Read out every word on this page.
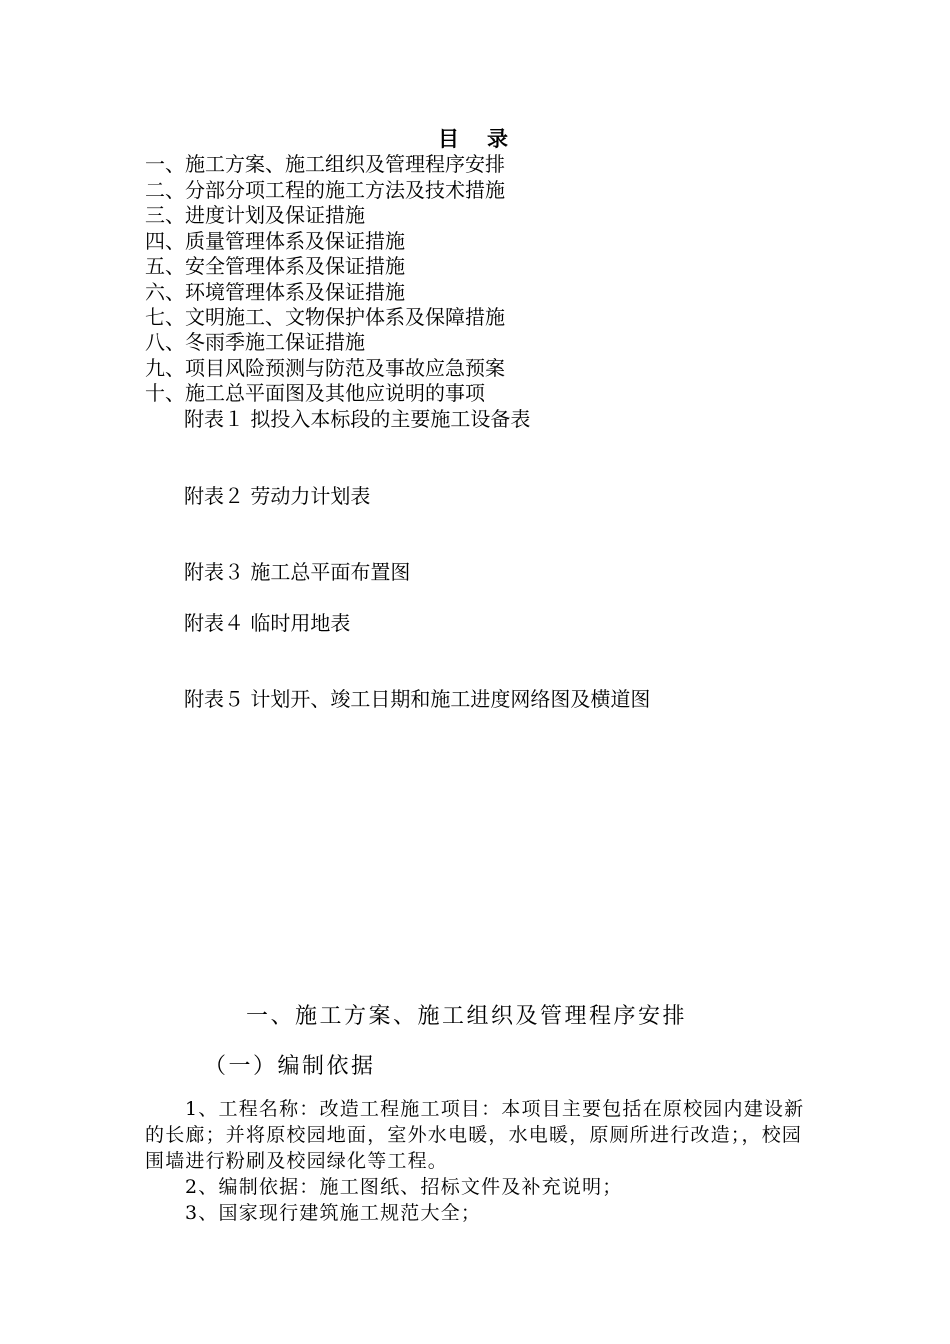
目录
一、施工方案、施工组织及管理程序安排
二、分部分项工程的施工方法及技术措施
三、进度计划及保证措施
四、质量管理体系及保证措施
五、安全管理体系及保证措施
六、环境管理体系及保证措施
七、文明施工、文物保护体系及保障措施
八、冬雨季施工保证措施
九、项目风险预测与防范及事故应急预案
十、施工总平面图及其他应说明的事项
附表１ 拟投入本标段的主要施工设备表
附表２ 劳动力计划表
附表３ 施工总平面布置图
附表４ 临时用地表
附表５ 计划开、竣工日期和施工进度网络图及横道图
一、施工方案、施工组织及管理程序安排
（一）编制依据
1、工程名称：改造工程施工项目：本项目主要包括在原校园内建设新的长廊；并将原校园地面，室外水电暖，水电暖，原厕所进行改造；，校园围墙进行粉刷及校园绿化等工程。
2、编制依据：施工图纸、招标文件及补充说明；
3、国家现行建筑施工规范大全；
